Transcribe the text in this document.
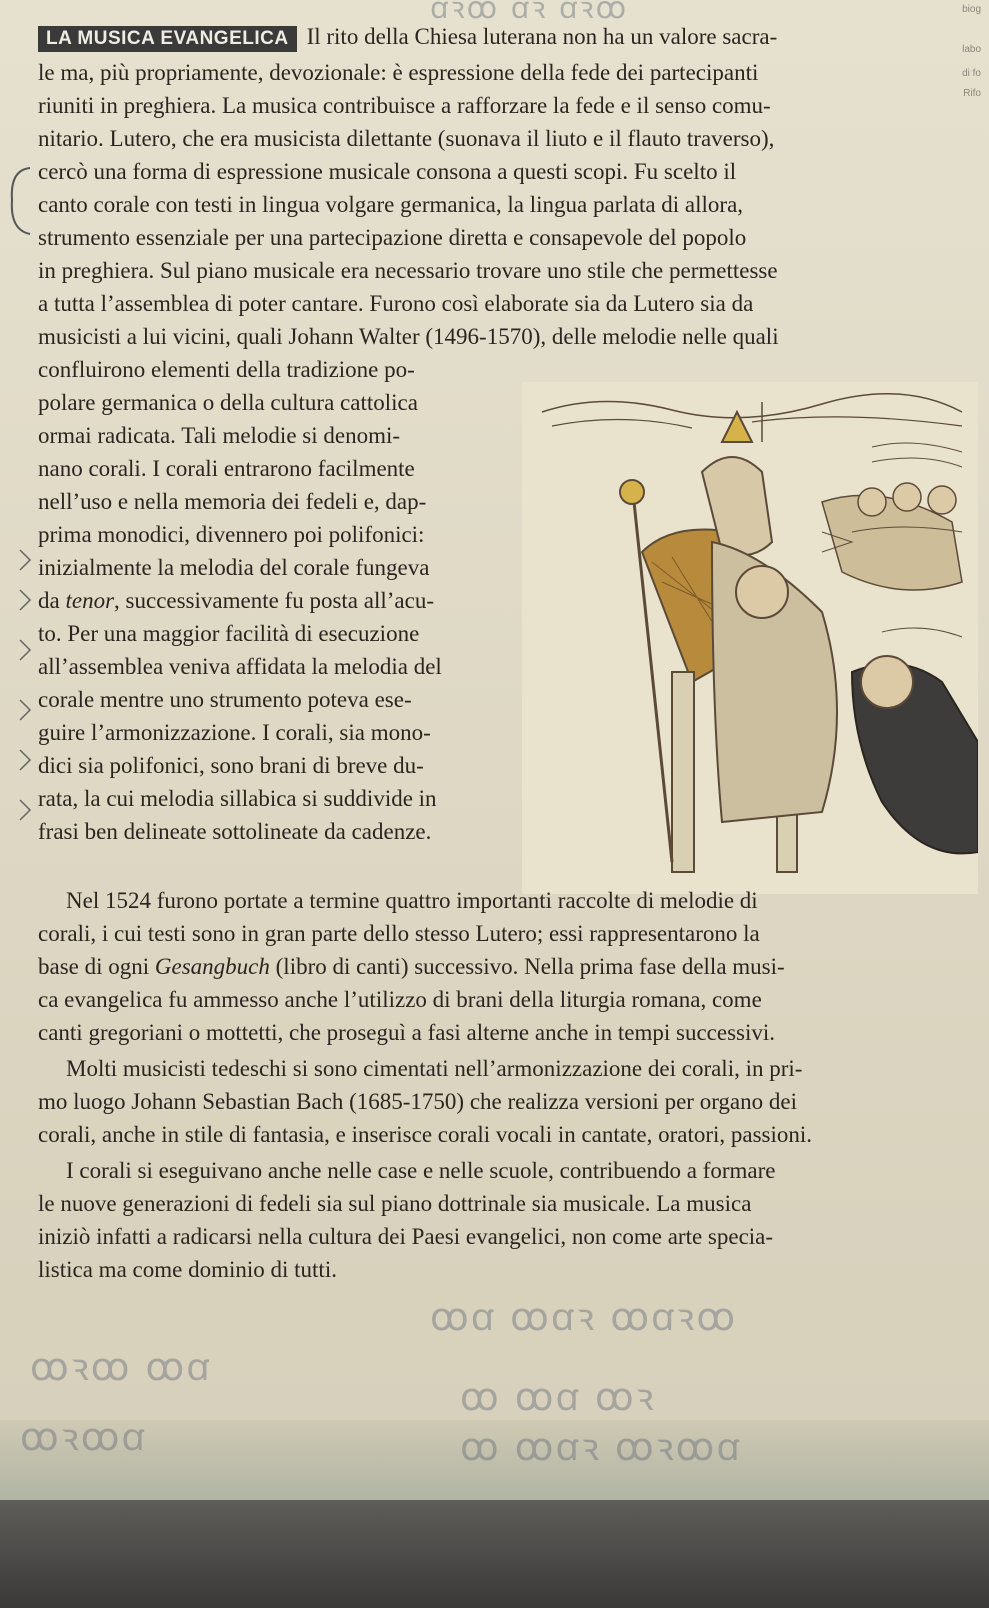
ꭤꝛꝏ ꭤꝛ ꭤꝛꝏ
ꝏꭤ ꝏꭤꝛ ꝏꭤꝛꝏ
ꝏꝛꝏ ꝏꭤ
ꝏ ꝏꭤ ꝏꝛ
ꝏꝛꝏꭤ	ꝏ ꝏꭤꝛ ꝏꝛꝏꭤ
biog
labo
di fo
Rifo
LA MUSICA EVANGELICA Il rito della Chiesa luterana non ha un valore sacra-
le ma, più propriamente, devozionale: è espressione della fede dei partecipanti
riuniti in preghiera. La musica contribuisce a rafforzare la fede e il senso comu-
nitario. Lutero, che era musicista dilettante (suonava il liuto e il flauto traverso),
cercò una forma di espressione musicale consona a questi scopi. Fu scelto il
canto corale con testi in lingua volgare germanica, la lingua parlata di allora,
strumento essenziale per una partecipazione diretta e consapevole del popolo
in preghiera. Sul piano musicale era necessario trovare uno stile che permettesse
a tutta l’assemblea di poter cantare. Furono così elaborate sia da Lutero sia da
musicisti a lui vicini, quali Johann Walter (1496-1570), delle melodie nelle quali
confluirono elementi della tradizione po-
polare germanica o della cultura cattolica
ormai radicata. Tali melodie si denomi-
nano corali. I corali entrarono facilmente
nell’uso e nella memoria dei fedeli e, dap-
prima monodici, divennero poi polifonici:
inizialmente la melodia del corale fungeva
da tenor, successivamente fu posta all’acu-
to. Per una maggior facilità di esecuzione
all’assemblea veniva affidata la melodia del
corale mentre uno strumento poteva ese-
guire l’armonizzazione. I corali, sia mono-
dici sia polifonici, sono brani di breve du-
rata, la cui melodia sillabica si suddivide in
frasi ben delineate sottolineate da cadenze.
Nel 1524 furono portate a termine quattro importanti raccolte di melodie di
corali, i cui testi sono in gran parte dello stesso Lutero; essi rappresentarono la
base di ogni Gesangbuch (libro di canti) successivo. Nella prima fase della musi-
ca evangelica fu ammesso anche l’utilizzo di brani della liturgia romana, come
canti gregoriani o mottetti, che proseguì a fasi alterne anche in tempi successivi.
Molti musicisti tedeschi si sono cimentati nell’armonizzazione dei corali, in pri-
mo luogo Johann Sebastian Bach (1685-1750) che realizza versioni per organo dei
corali, anche in stile di fantasia, e inserisce corali vocali in cantate, oratori, passioni.
I corali si eseguivano anche nelle case e nelle scuole, contribuendo a formare
le nuove generazioni di fedeli sia sul piano dottrinale sia musicale. La musica
iniziò infatti a radicarsi nella cultura dei Paesi evangelici, non come arte specia-
listica ma come dominio di tutti.
